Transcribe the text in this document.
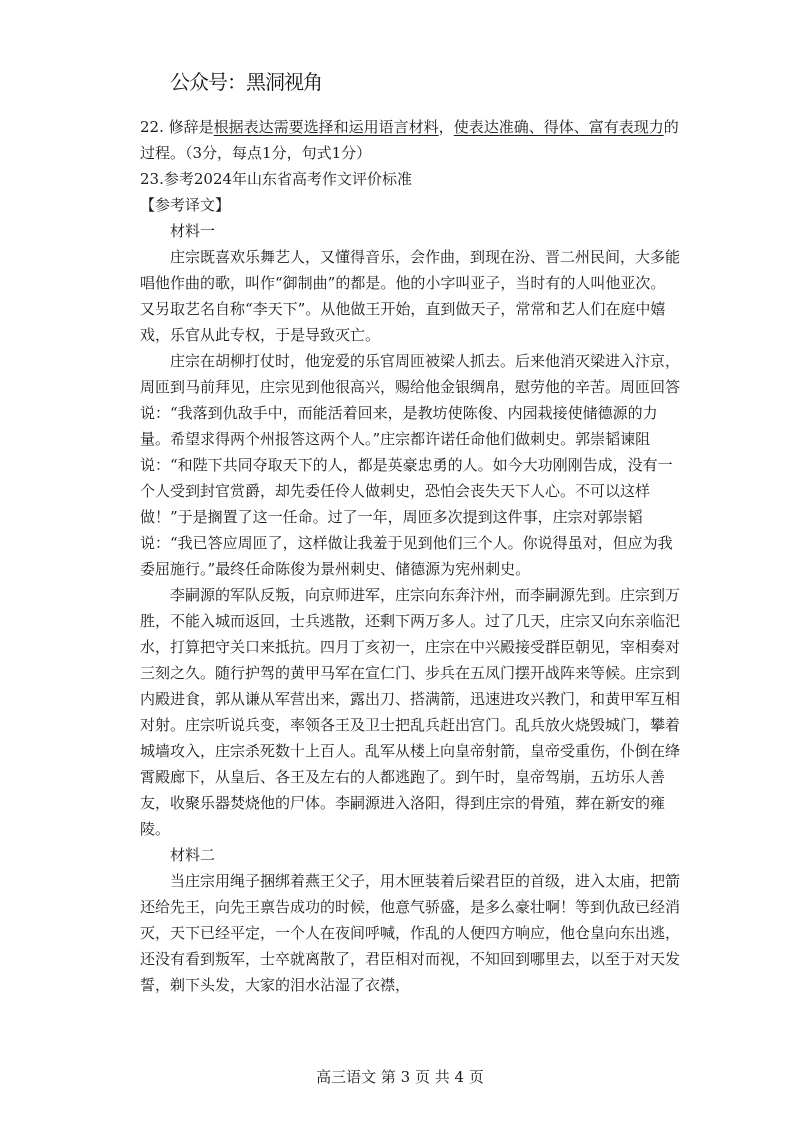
公众号：黑洞视角

22. 修辞是根据表达需要选择和运用语言材料，使表达准确、得体、富有表现力的过程。（3分，每点1分，句式1分）

23.参考2024年山东省高考作文评价标准

【参考译文】

材料一

庄宗既喜欢乐舞艺人，又懂得音乐，会作曲，到现在汾、晋二州民间，大多能唱他作曲的歌，叫作“御制曲”的都是。他的小字叫亚子，当时有的人叫他亚次。又另取艺名自称“李天下”。从他做王开始，直到做天子，常常和艺人们在庭中嬉戏，乐官从此专权，于是导致灭亡。

庄宗在胡柳打仗时，他宠爱的乐官周匝被梁人抓去。后来他消灭梁进入汴京，周匝到马前拜见，庄宗见到他很高兴，赐给他金银绸帛，慰劳他的辛苦。周匝回答说：“我落到仇敌手中，而能活着回来，是教坊使陈俊、内园栽接使储德源的力量。希望求得两个州报答这两个人。”庄宗都许诺任命他们做刺史。郭崇韬谏阻说：“和陛下共同夺取天下的人，都是英豪忠勇的人。如今大功刚刚告成，没有一个人受到封官赏爵，却先委任伶人做刺史，恐怕会丧失天下人心。不可以这样做！”于是搁置了这一任命。过了一年，周匝多次提到这件事，庄宗对郭崇韬说：“我已答应周匝了，这样做让我羞于见到他们三个人。你说得虽对，但应为我委屈施行。”最终任命陈俊为景州刺史、储德源为宪州刺史。

李嗣源的军队反叛，向京师进军，庄宗向东奔汴州，而李嗣源先到。庄宗到万胜，不能入城而返回，士兵逃散，还剩下两万多人。过了几天，庄宗又向东亲临汜水，打算把守关口来抵抗。四月丁亥初一，庄宗在中兴殿接受群臣朝见，宰相奏对三刻之久。随行护驾的黄甲马军在宣仁门、步兵在五凤门摆开战阵来等候。庄宗到内殿进食，郭从谦从军营出来，露出刀、搭满箭，迅速进攻兴教门，和黄甲军互相对射。庄宗听说兵变，率领各王及卫士把乱兵赶出宫门。乱兵放火烧毁城门，攀着城墙攻入，庄宗杀死数十上百人。乱军从楼上向皇帝射箭，皇帝受重伤，仆倒在绛霄殿廊下，从皇后、各王及左右的人都逃跑了。到午时，皇帝驾崩，五坊乐人善友，收聚乐器焚烧他的尸体。李嗣源进入洛阳，得到庄宗的骨殖，葬在新安的雍陵。

材料二

当庄宗用绳子捆绑着燕王父子，用木匣装着后梁君臣的首级，进入太庙，把箭还给先王，向先王禀告成功的时候，他意气骄盛，是多么豪壮啊！等到仇敌已经消灭，天下已经平定，一个人在夜间呼喊，作乱的人便四方响应，他仓皇向东出逃，还没有看到叛军，士卒就离散了，君臣相对而视，不知回到哪里去，以至于对天发誓，剃下头发，大家的泪水沾湿了衣襟，

高三语文 第 3 页 共 4 页
